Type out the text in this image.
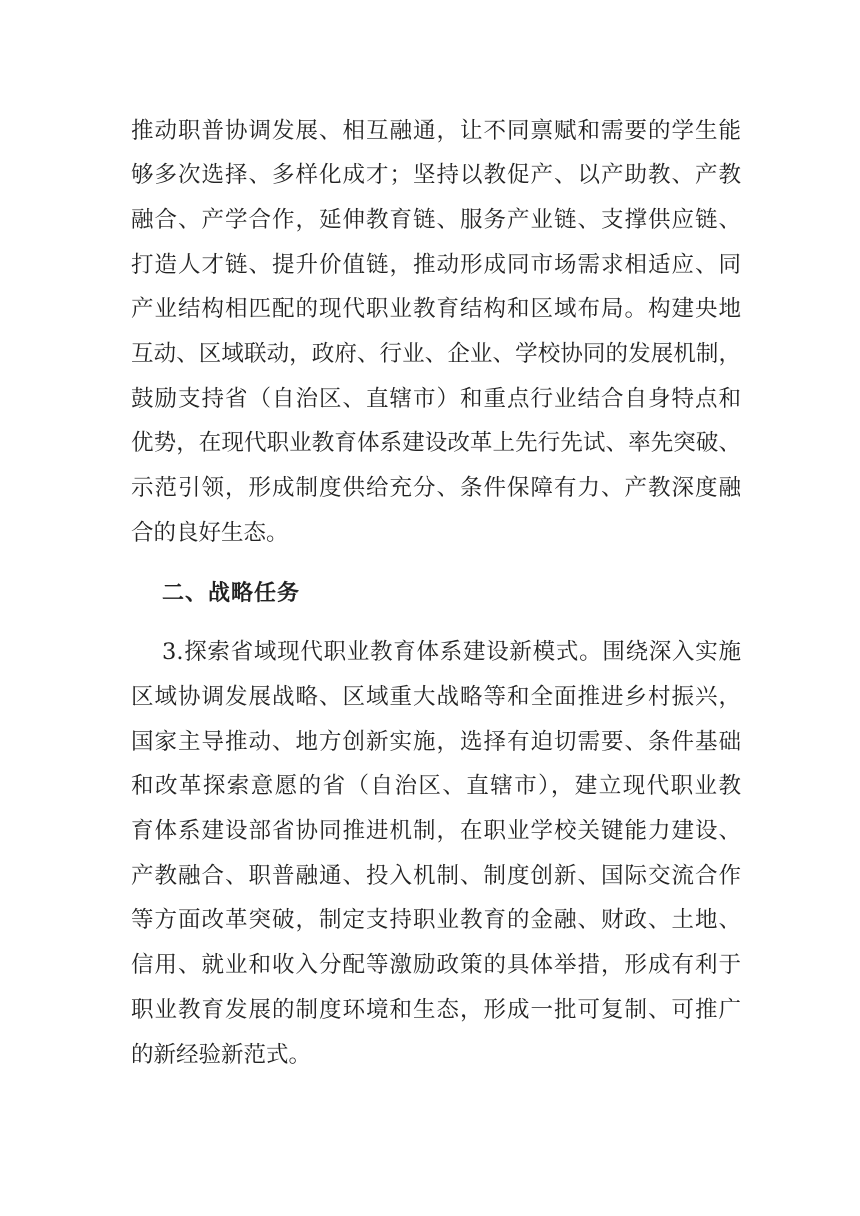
推动职普协调发展、相互融通，让不同禀赋和需要的学生能
够多次选择、多样化成才；坚持以教促产、以产助教、产教
融合、产学合作，延伸教育链、服务产业链、支撑供应链、
打造人才链、提升价值链，推动形成同市场需求相适应、同
产业结构相匹配的现代职业教育结构和区域布局。构建央地
互动、区域联动，政府、行业、企业、学校协同的发展机制，
鼓励支持省（自治区、直辖市）和重点行业结合自身特点和
优势，在现代职业教育体系建设改革上先行先试、率先突破、
示范引领，形成制度供给充分、条件保障有力、产教深度融
合的良好生态。
二、战略任务
3.探索省域现代职业教育体系建设新模式。围绕深入实施
区域协调发展战略、区域重大战略等和全面推进乡村振兴，
国家主导推动、地方创新实施，选择有迫切需要、条件基础
和改革探索意愿的省（自治区、直辖市），建立现代职业教
育体系建设部省协同推进机制，在职业学校关键能力建设、
产教融合、职普融通、投入机制、制度创新、国际交流合作
等方面改革突破，制定支持职业教育的金融、财政、土地、
信用、就业和收入分配等激励政策的具体举措，形成有利于
职业教育发展的制度环境和生态，形成一批可复制、可推广
的新经验新范式。
